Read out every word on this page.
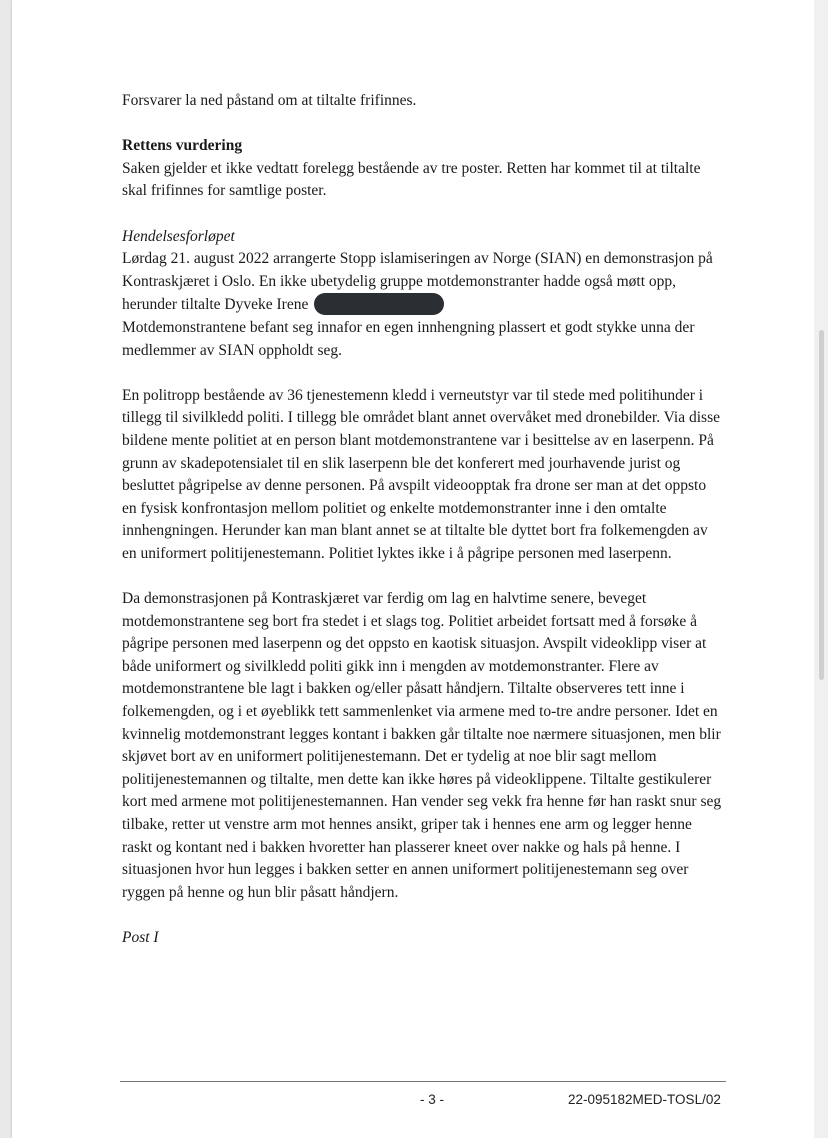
Forsvarer la ned påstand om at tiltalte frifinnes.

Rettens vurdering

Saken gjelder et ikke vedtatt forelegg bestående av tre poster. Retten har kommet til at tiltalte skal frifinnes for samtlige poster.

Hendelsesforløpet

Lørdag 21. august 2022 arrangerte Stopp islamiseringen av Norge (SIAN) en demonstrasjon på Kontraskjæret i Oslo. En ikke ubetydelig gruppe motdemonstranter hadde også møtt opp, herunder tiltalte Dyveke Irene
Motdemonstrantene befant seg innafor en egen innhengning plassert et godt stykke unna der medlemmer av SIAN oppholdt seg.

En politropp bestående av 36 tjenestemenn kledd i verneutstyr var til stede med politihunder i tillegg til sivilkledd politi. I tillegg ble området blant annet overvåket med dronebilder. Via disse bildene mente politiet at en person blant motdemonstrantene var i besittelse av en laserpenn. På grunn av skadepotensialet til en slik laserpenn ble det konferert med jourhavende jurist og besluttet pågripelse av denne personen. På avspilt videoopptak fra drone ser man at det oppsto en fysisk konfrontasjon mellom politiet og enkelte motdemonstranter inne i den omtalte innhengningen. Herunder kan man blant annet se at tiltalte ble dyttet bort fra folkemengden av en uniformert politijenestemann. Politiet lyktes ikke i å pågripe personen med laserpenn.

Da demonstrasjonen på Kontraskjæret var ferdig om lag en halvtime senere, beveget motdemonstrantene seg bort fra stedet i et slags tog. Politiet arbeidet fortsatt med å forsøke å pågripe personen med laserpenn og det oppsto en kaotisk situasjon. Avspilt videoklipp viser at både uniformert og sivilkledd politi gikk inn i mengden av motdemonstranter. Flere av motdemonstrantene ble lagt i bakken og/eller påsatt håndjern. Tiltalte observeres tett inne i folkemengden, og i et øyeblikk tett sammenlenket via armene med to-tre andre personer. Idet en kvinnelig motdemonstrant legges kontant i bakken går tiltalte noe nærmere situasjonen, men blir skjøvet bort av en uniformert politijenestemann. Det er tydelig at noe blir sagt mellom politijenestemannen og tiltalte, men dette kan ikke høres på videoklippene. Tiltalte gestikulerer kort med armene mot politijenestemannen. Han vender seg vekk fra henne før han raskt snur seg tilbake, retter ut venstre arm mot hennes ansikt, griper tak i hennes ene arm og legger henne raskt og kontant ned i bakken hvoretter han plasserer kneet over nakke og hals på henne. I situasjonen hvor hun legges i bakken setter en annen uniformert politijenestemann seg over ryggen på henne og hun blir påsatt håndjern.

Post I

- 3 -	22-095182MED-TOSL/02
